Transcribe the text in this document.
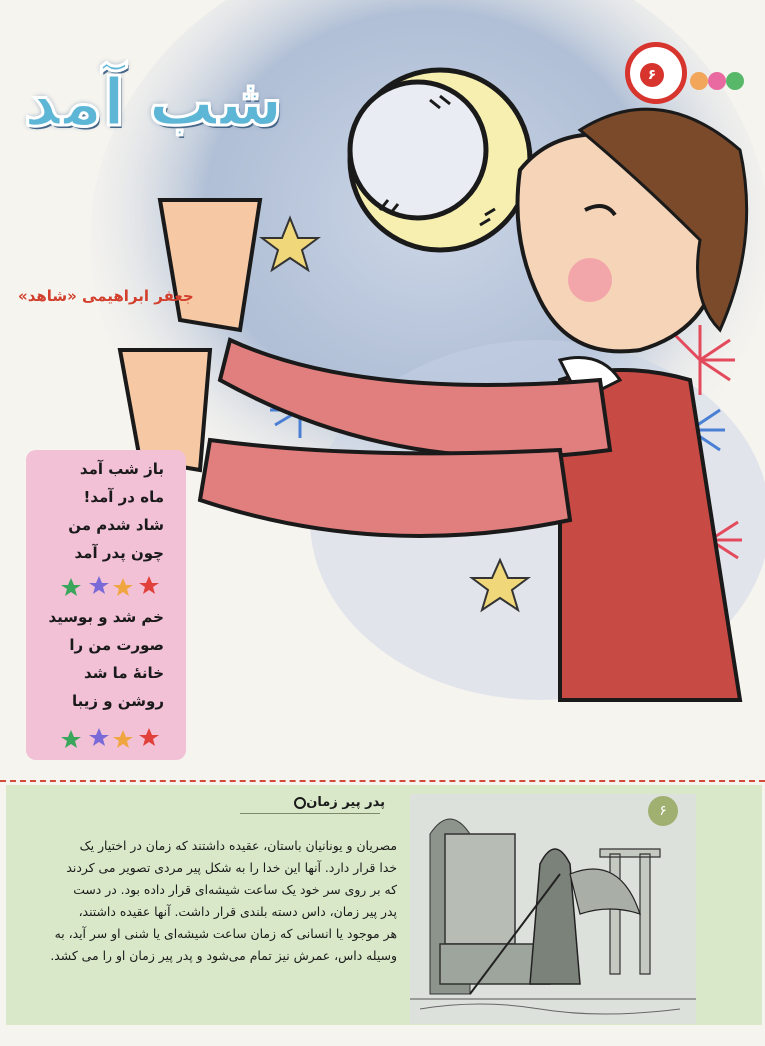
۶
شب آمد
جعفر ابراهیمی «شاهد»
باز شب آمد
ماه در آمد!
شاد شدم من
چون پدر آمد
خم شد و بوسید
صورت من را
خانهٔ ما شد
روشن و زیبا
پدر پیر زمان
مصریان و یونانیان باستان، عقیده داشتند که زمان در اختیار یک
خدا قرار دارد. آنها این خدا را به شکل پیر مردی تصویر می کردند
که بر روی سر خود یک ساعت شیشه‌ای قرار داده بود. در دست
پدر پیر زمان، داس دسته بلندی قرار داشت. آنها عقیده داشتند،
هر موجود یا انسانی که زمان ساعت شیشه‌ای یا شنی او سر آید، به
وسیله داس، عمرش نیز تمام می‌شود و پدر پیر زمان او را می کشد.
۶
